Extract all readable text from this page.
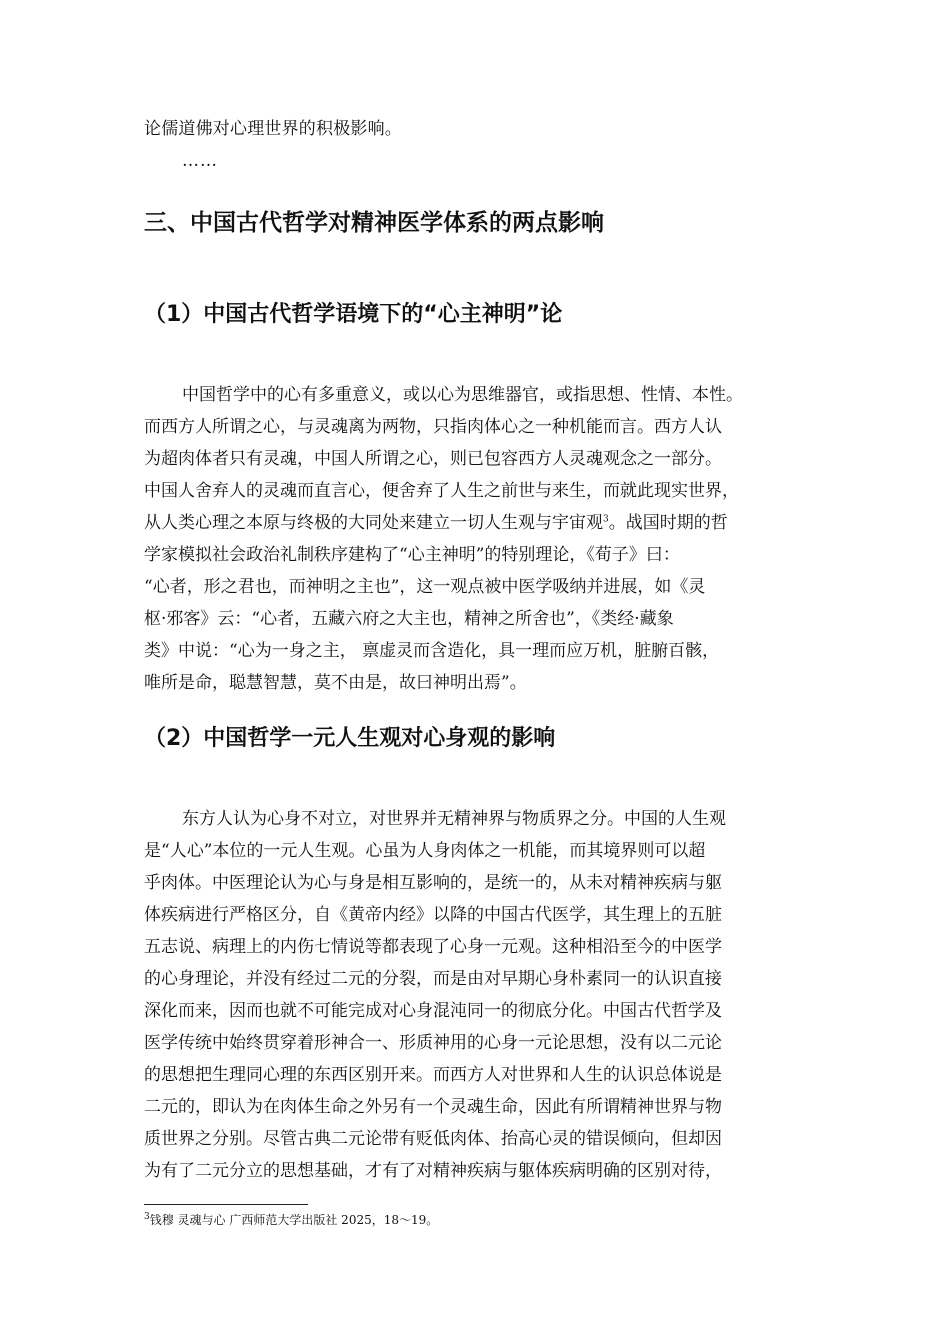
论儒道佛对心理世界的积极影响。
……
三、中国古代哲学对精神医学体系的两点影响
（1）中国古代哲学语境下的“心主神明”论
中国哲学中的心有多重意义，或以心为思维器官，或指思想、性情、本性。
而西方人所谓之心，与灵魂离为两物，只指肉体心之一种机能而言。西方人认
为超肉体者只有灵魂，中国人所谓之心，则已包容西方人灵魂观念之一部分。
中国人舍弃人的灵魂而直言心，便舍弃了人生之前世与来生，而就此现实世界，
从人类心理之本原与终极的大同处来建立一切人生观与宇宙观$^3$。战国时期的哲
学家模拟社会政治礼制秩序建构了“心主神明”的特别理论，《荀子》曰：
“心者，形之君也，而神明之主也”，这一观点被中医学吸纳并进展，如《灵
枢·邪客》云：“心者，五藏六府之大主也，精神之所舍也”，《类经·藏象
类》中说：“心为一身之主， 禀虚灵而含造化，具一理而应万机，脏腑百骸，
唯所是命，聪慧智慧，莫不由是，故曰神明出焉”。
（2）中国哲学一元人生观对心身观的影响
东方人认为心身不对立，对世界并无精神界与物质界之分。中国的人生观
是“人心”本位的一元人生观。心虽为人身肉体之一机能，而其境界则可以超
乎肉体。中医理论认为心与身是相互影响的，是统一的，从未对精神疾病与躯
体疾病进行严格区分，自《黄帝内经》以降的中国古代医学，其生理上的五脏
五志说、病理上的内伤七情说等都表现了心身一元观。这种相沿至今的中医学
的心身理论，并没有经过二元的分裂，而是由对早期心身朴素同一的认识直接
深化而来，因而也就不可能完成对心身混沌同一的彻底分化。中国古代哲学及
医学传统中始终贯穿着形神合一、形质神用的心身一元论思想，没有以二元论
的思想把生理同心理的东西区别开来。而西方人对世界和人生的认识总体说是
二元的，即认为在肉体生命之外另有一个灵魂生命，因此有所谓精神世界与物
质世界之分别。尽管古典二元论带有贬低肉体、抬高心灵的错误倾向，但却因
为有了二元分立的思想基础，才有了对精神疾病与躯体疾病明确的区别对待，
$^3$钱穆 灵魂与心 广西师范大学出版社 2025，18～19。
